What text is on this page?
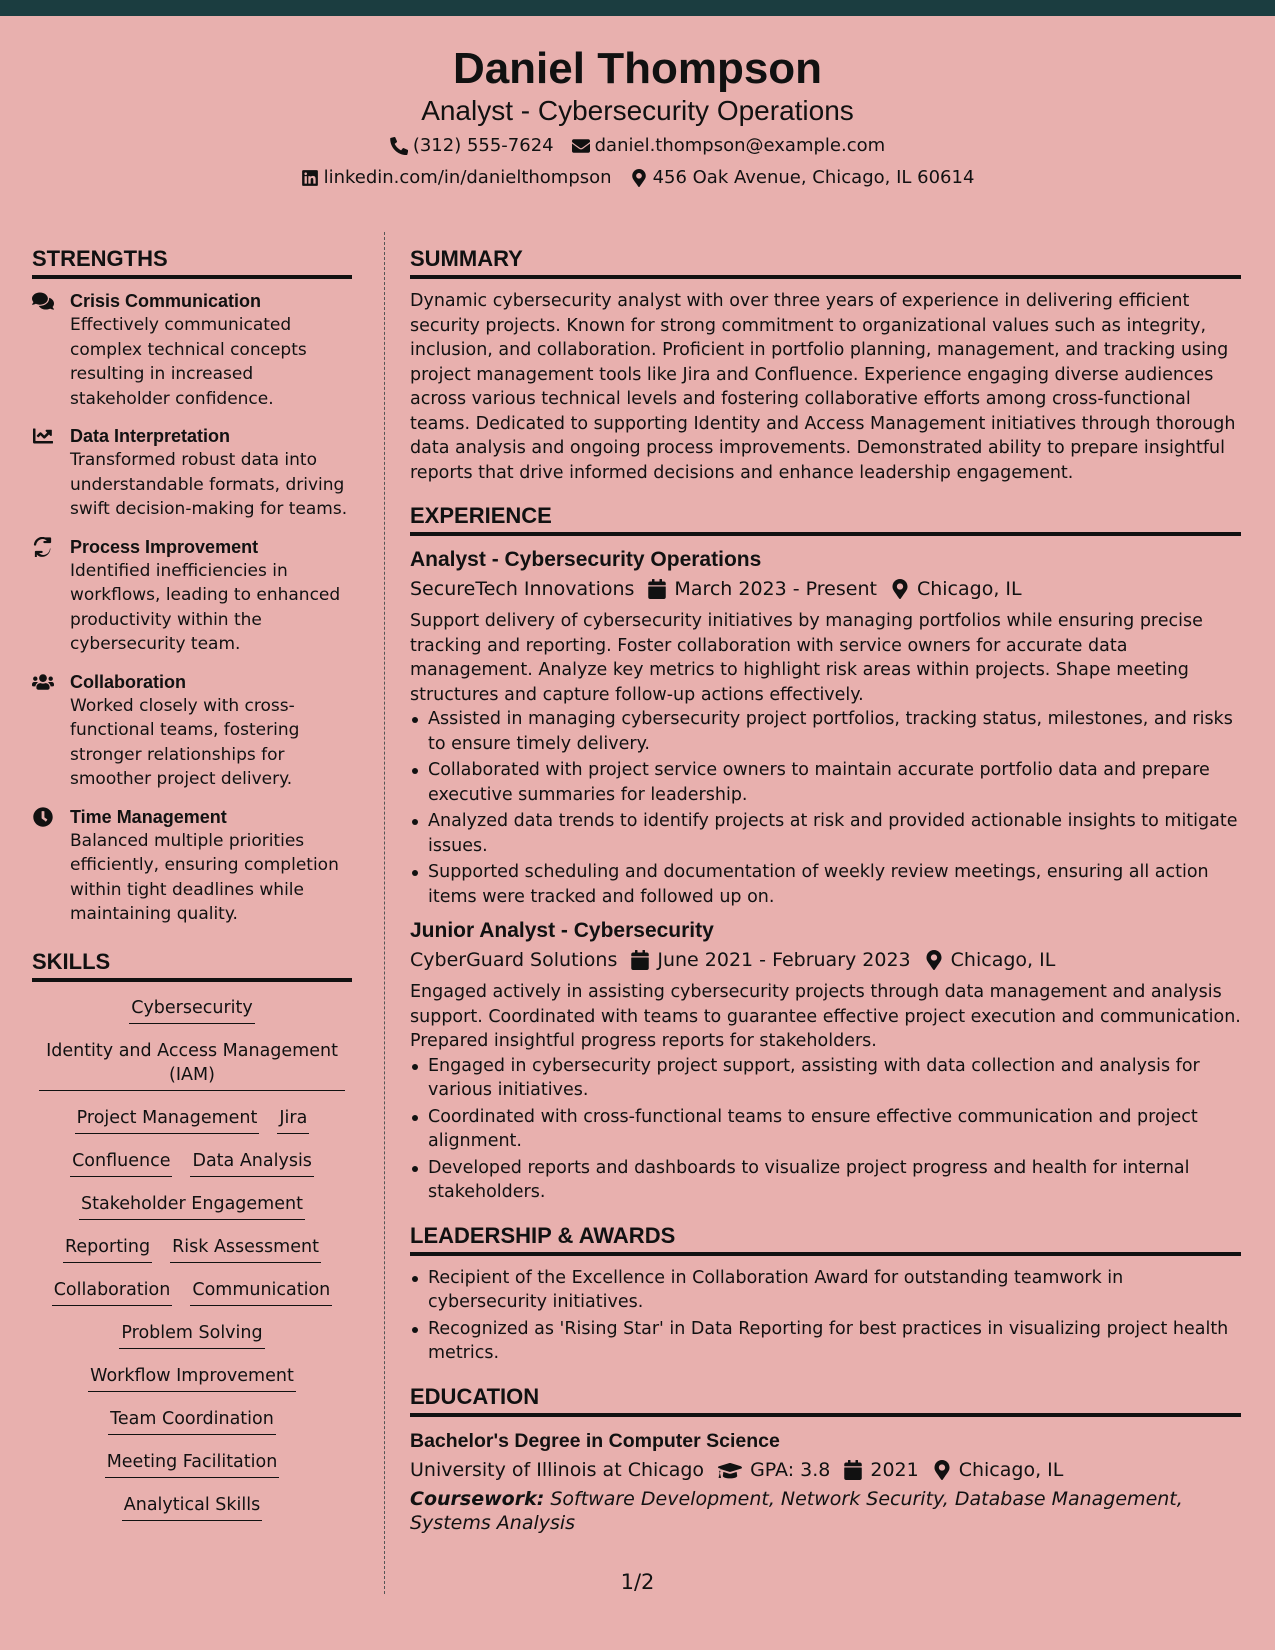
Daniel Thompson
Analyst - Cybersecurity Operations
(312) 555-7624 daniel.thompson@example.com
linkedin.com/in/danielthompson 456 Oak Avenue, Chicago, IL 60614
STRENGTHS
Crisis Communication
Effectively communicated complex technical concepts resulting in increased stakeholder confidence.
Data Interpretation
Transformed robust data into understandable formats, driving swift decision-making for teams.
Process Improvement
Identified inefficiencies in workflows, leading to enhanced productivity within the cybersecurity team.
Collaboration
Worked closely with cross-functional teams, fostering stronger relationships for smoother project delivery.
Time Management
Balanced multiple priorities efficiently, ensuring completion within tight deadlines while maintaining quality.
SKILLS
Cybersecurity
Identity and Access Management (IAM)
Project Management Jira
Confluence Data Analysis
Stakeholder Engagement
Reporting Risk Assessment
Collaboration Communication
Problem Solving
Workflow Improvement
Team Coordination
Meeting Facilitation
Analytical Skills
SUMMARY
Dynamic cybersecurity analyst with over three years of experience in delivering efficient security projects. Known for strong commitment to organizational values such as integrity, inclusion, and collaboration. Proficient in portfolio planning, management, and tracking using project management tools like Jira and Confluence. Experience engaging diverse audiences across various technical levels and fostering collaborative efforts among cross-functional teams. Dedicated to supporting Identity and Access Management initiatives through thorough data analysis and ongoing process improvements. Demonstrated ability to prepare insightful reports that drive informed decisions and enhance leadership engagement.
EXPERIENCE
Analyst - Cybersecurity Operations
SecureTech Innovations March 2023 - Present Chicago, IL
Support delivery of cybersecurity initiatives by managing portfolios while ensuring precise tracking and reporting. Foster collaboration with service owners for accurate data management. Analyze key metrics to highlight risk areas within projects. Shape meeting structures and capture follow-up actions effectively.
Assisted in managing cybersecurity project portfolios, tracking status, milestones, and risks to ensure timely delivery.
Collaborated with project service owners to maintain accurate portfolio data and prepare executive summaries for leadership.
Analyzed data trends to identify projects at risk and provided actionable insights to mitigate issues.
Supported scheduling and documentation of weekly review meetings, ensuring all action items were tracked and followed up on.
Junior Analyst - Cybersecurity
CyberGuard Solutions June 2021 - February 2023 Chicago, IL
Engaged actively in assisting cybersecurity projects through data management and analysis support. Coordinated with teams to guarantee effective project execution and communication. Prepared insightful progress reports for stakeholders.
Engaged in cybersecurity project support, assisting with data collection and analysis for various initiatives.
Coordinated with cross-functional teams to ensure effective communication and project alignment.
Developed reports and dashboards to visualize project progress and health for internal stakeholders.
LEADERSHIP & AWARDS
Recipient of the Excellence in Collaboration Award for outstanding teamwork in cybersecurity initiatives.
Recognized as 'Rising Star' in Data Reporting for best practices in visualizing project health metrics.
EDUCATION
Bachelor's Degree in Computer Science
University of Illinois at Chicago GPA: 3.8 2021 Chicago, IL
Coursework: Software Development, Network Security, Database Management, Systems Analysis
1/2
